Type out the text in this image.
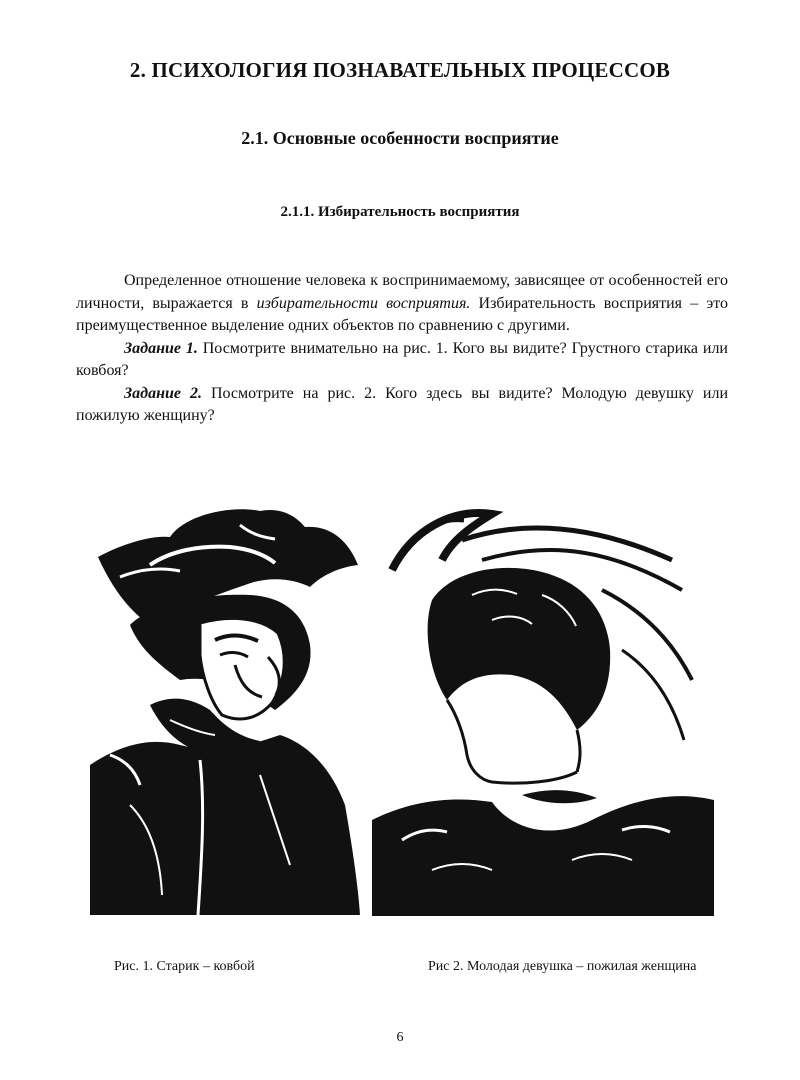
2. ПСИХОЛОГИЯ ПОЗНАВАТЕЛЬНЫХ ПРОЦЕССОВ
2.1. Основные особенности восприятие
2.1.1. Избирательность восприятия

Определенное отношение человека к воспринимаемому, зависящее от особенностей его личности, выражается в избирательности восприятия. Избирательность восприятия – это преимущественное выделение одних объектов по сравнению с другими.

Задание 1. Посмотрите внимательно на рис. 1. Кого вы видите? Грустного старика или ковбоя?

Задание 2. Посмотрите на рис. 2. Кого здесь вы видите? Молодую девушку или пожилую женщину?

Рис. 1. Старик – ковбой	Рис 2. Молодая девушка – пожилая женщина
6
